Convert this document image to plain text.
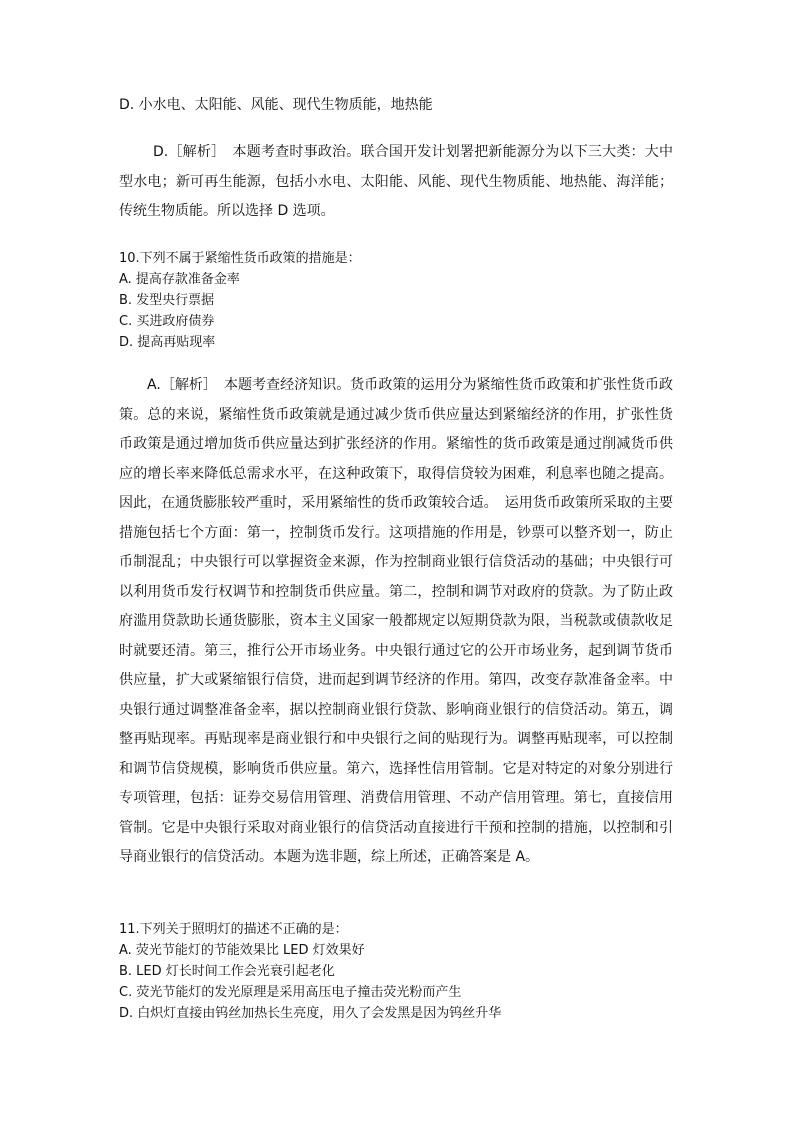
D. 小水电、太阳能、风能、现代生物质能，地热能
D.［解析］　本题考查时事政治。联合国开发计划署把新能源分为以下三大类：大中型水电；新可再生能源，包括小水电、太阳能、风能、现代生物质能、地热能、海洋能；传统生物质能。所以选择 D 选项。
10.下列不属于紧缩性货币政策的措施是：
A. 提高存款准备金率
B. 发型央行票据
C. 买进政府债券
D. 提高再贴现率
A.［解析］　本题考查经济知识。货币政策的运用分为紧缩性货币政策和扩张性货币政策。总的来说，紧缩性货币政策就是通过减少货币供应量达到紧缩经济的作用，扩张性货币政策是通过增加货币供应量达到扩张经济的作用。紧缩性的货币政策是通过削减货币供应的增长率来降低总需求水平，在这种政策下，取得信贷较为困难，利息率也随之提高。因此，在通货膨胀较严重时，采用紧缩性的货币政策较合适。　运用货币政策所采取的主要措施包括七个方面：第一，控制货币发行。这项措施的作用是，钞票可以整齐划一，防止币制混乱；中央银行可以掌握资金来源，作为控制商业银行信贷活动的基础；中央银行可以利用货币发行权调节和控制货币供应量。第二，控制和调节对政府的贷款。为了防止政府滥用贷款助长通货膨胀，资本主义国家一般都规定以短期贷款为限，当税款或债款收足时就要还清。第三，推行公开市场业务。中央银行通过它的公开市场业务，起到调节货币供应量，扩大或紧缩银行信贷，进而起到调节经济的作用。第四，改变存款准备金率。中央银行通过调整准备金率，据以控制商业银行贷款、影响商业银行的信贷活动。第五，调整再贴现率。再贴现率是商业银行和中央银行之间的贴现行为。调整再贴现率，可以控制和调节信贷规模，影响货币供应量。第六，选择性信用管制。它是对特定的对象分别进行专项管理，包括：证券交易信用管理、消费信用管理、不动产信用管理。第七，直接信用管制。它是中央银行采取对商业银行的信贷活动直接进行干预和控制的措施，以控制和引导商业银行的信贷活动。本题为选非题，综上所述，正确答案是 A。
11.下列关于照明灯的描述不正确的是：
A. 荧光节能灯的节能效果比 LED 灯效果好
B. LED 灯长时间工作会光衰引起老化
C. 荧光节能灯的发光原理是采用高压电子撞击荧光粉而产生
D. 白炽灯直接由钨丝加热长生亮度，用久了会发黑是因为钨丝升华
